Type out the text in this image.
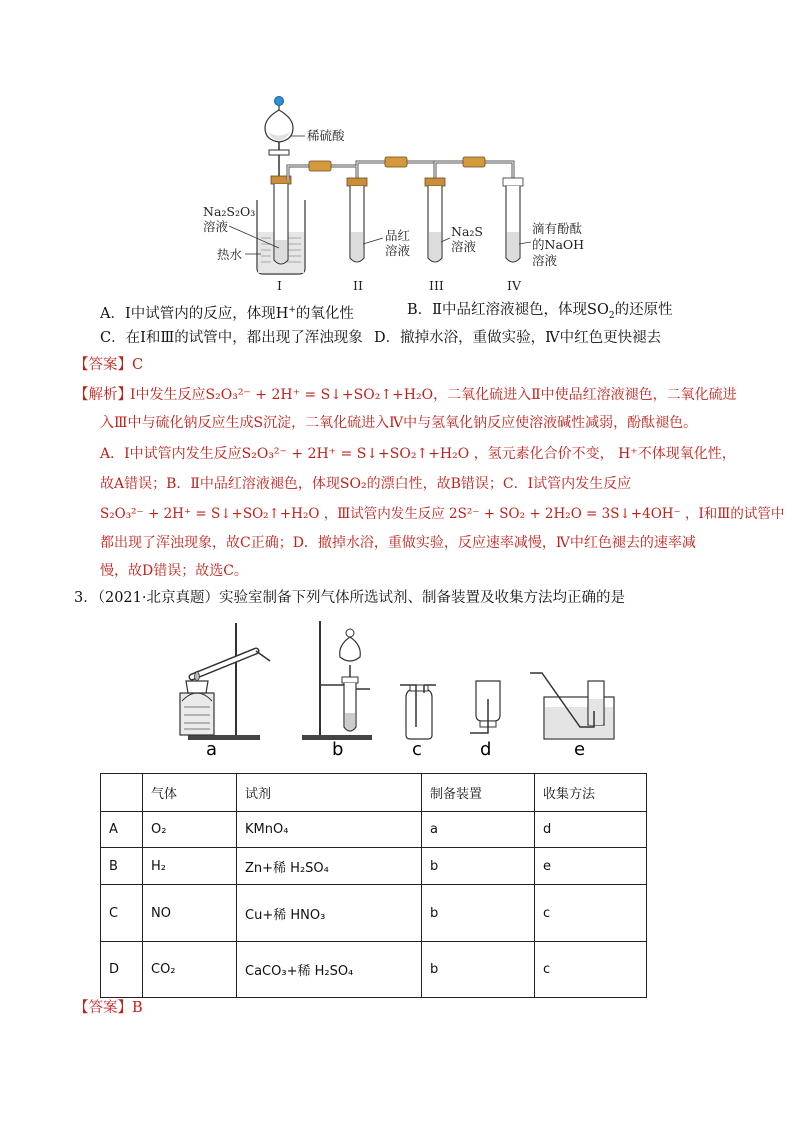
稀硫酸
Na₂S₂O₃
溶液
热水
品红
溶液
Na₂S
溶液
滴有酚酞
的NaOH
溶液
I	II	III	IV
A．Ⅰ中试管内的反应，体现H+的氧化性	B．Ⅱ中品红溶液褪色，体现$SO_2$的还原性
C．在Ⅰ和Ⅲ的试管中，都出现了浑浊现象 D．撤掉水浴，重做实验，Ⅳ中红色更快褪去
【答案】C
【解析】
Ⅰ中发生反应S₂O₃²⁻ + 2H⁺ = S↓+SO₂↑+H₂O，二氧化硫进入Ⅱ中使品红溶液褪色，二氧化硫进
入Ⅲ中与硫化钠反应生成S沉淀，二氧化硫进入Ⅳ中与氢氧化钠反应使溶液碱性减弱，酚酞褪色。
A．Ⅰ中试管内发生反应S₂O₃²⁻ + 2H⁺ = S↓+SO₂↑+H₂O ，氢元素化合价不变， H⁺不体现氧化性，
故A错误；B．Ⅱ中品红溶液褪色，体现SO₂的漂白性，故B错误；C．Ⅰ试管内发生反应
S₂O₃²⁻ + 2H⁺ = S↓+SO₂↑+H₂O ，Ⅲ试管内发生反应 2S²⁻ + SO₂ + 2H₂O = 3S↓+4OH⁻ ，Ⅰ和Ⅲ的试管中
都出现了浑浊现象，故C正确；D．撤掉水浴，重做实验，反应速率减慢，Ⅳ中红色褪去的速率减
慢，故D错误；故选C。
3．（2021·北京真题）实验室制备下列气体所选试剂、制备装置及收集方法均正确的是
a	b	c	d	e
	气体	试剂	制备装置	收集方法
A	O₂	KMnO₄	a	d
B	H₂	Zn+稀 H₂SO₄	b	e
C	NO	Cu+稀 HNO₃	b	c
D	CO₂	CaCO₃+稀 H₂SO₄	b	c
【答案】B
